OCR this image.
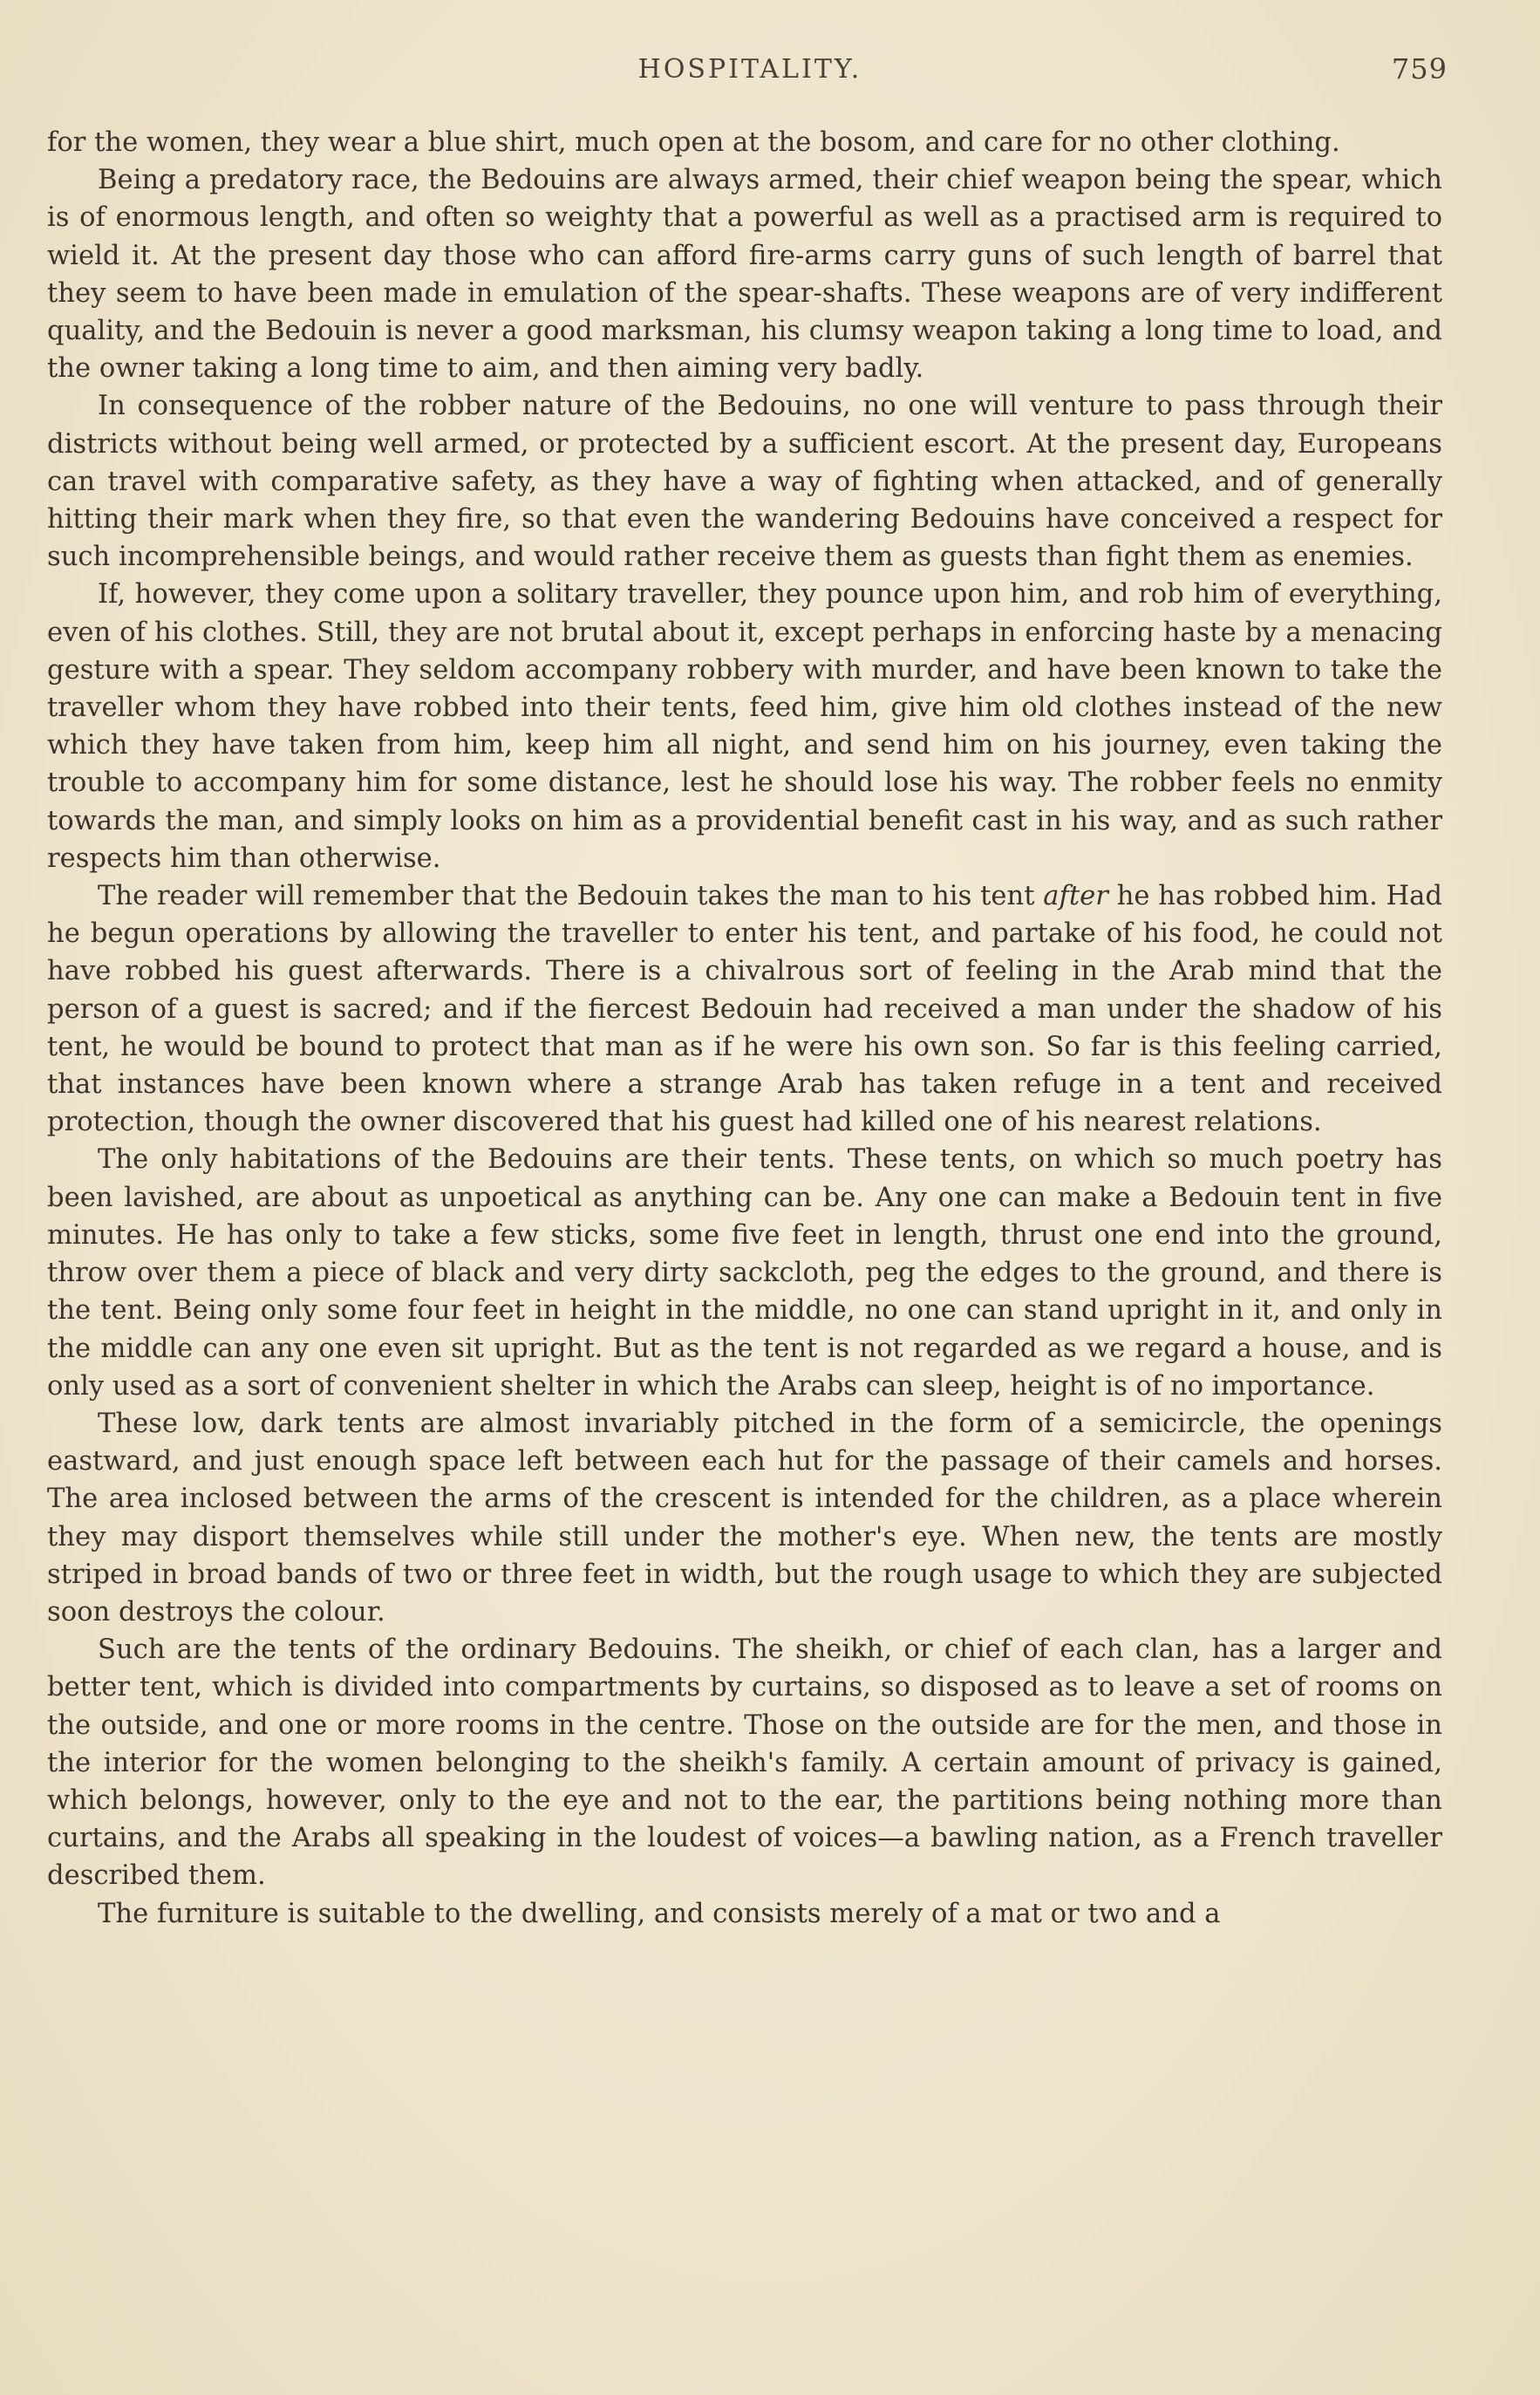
HOSPITALITY.	759

for the women, they wear a blue shirt, much open at the bosom, and care for no other clothing.

Being a predatory race, the Bedouins are always armed, their chief weapon being the spear, which is of enormous length, and often so weighty that a powerful as well as a practised arm is required to wield it. At the present day those who can afford fire-arms carry guns of such length of barrel that they seem to have been made in emulation of the spear-shafts. These weapons are of very indifferent quality, and the Bedouin is never a good marksman, his clumsy weapon taking a long time to load, and the owner taking a long time to aim, and then aiming very badly.

In consequence of the robber nature of the Bedouins, no one will venture to pass through their districts without being well armed, or protected by a sufficient escort. At the present day, Europeans can travel with comparative safety, as they have a way of fighting when attacked, and of generally hitting their mark when they fire, so that even the wandering Bedouins have conceived a respect for such incomprehensible beings, and would rather receive them as guests than fight them as enemies.

If, however, they come upon a solitary traveller, they pounce upon him, and rob him of everything, even of his clothes. Still, they are not brutal about it, except perhaps in enforcing haste by a menacing gesture with a spear. They seldom accompany robbery with murder, and have been known to take the traveller whom they have robbed into their tents, feed him, give him old clothes instead of the new which they have taken from him, keep him all night, and send him on his journey, even taking the trouble to accompany him for some distance, lest he should lose his way. The robber feels no enmity towards the man, and simply looks on him as a providential benefit cast in his way, and as such rather respects him than otherwise.

The reader will remember that the Bedouin takes the man to his tent after he has robbed him. Had he begun operations by allowing the traveller to enter his tent, and partake of his food, he could not have robbed his guest afterwards. There is a chivalrous sort of feeling in the Arab mind that the person of a guest is sacred; and if the fiercest Bedouin had received a man under the shadow of his tent, he would be bound to protect that man as if he were his own son. So far is this feeling carried, that instances have been known where a strange Arab has taken refuge in a tent and received protection, though the owner discovered that his guest had killed one of his nearest relations.

The only habitations of the Bedouins are their tents. These tents, on which so much poetry has been lavished, are about as unpoetical as anything can be. Any one can make a Bedouin tent in five minutes. He has only to take a few sticks, some five feet in length, thrust one end into the ground, throw over them a piece of black and very dirty sackcloth, peg the edges to the ground, and there is the tent. Being only some four feet in height in the middle, no one can stand upright in it, and only in the middle can any one even sit upright. But as the tent is not regarded as we regard a house, and is only used as a sort of convenient shelter in which the Arabs can sleep, height is of no importance.

These low, dark tents are almost invariably pitched in the form of a semicircle, the openings eastward, and just enough space left between each hut for the passage of their camels and horses. The area inclosed between the arms of the crescent is intended for the children, as a place wherein they may disport themselves while still under the mother's eye. When new, the tents are mostly striped in broad bands of two or three feet in width, but the rough usage to which they are subjected soon destroys the colour.

Such are the tents of the ordinary Bedouins. The sheikh, or chief of each clan, has a larger and better tent, which is divided into compartments by curtains, so disposed as to leave a set of rooms on the outside, and one or more rooms in the centre. Those on the outside are for the men, and those in the interior for the women belonging to the sheikh's family. A certain amount of privacy is gained, which belongs, however, only to the eye and not to the ear, the partitions being nothing more than curtains, and the Arabs all speaking in the loudest of voices—a bawling nation, as a French traveller described them.

The furniture is suitable to the dwelling, and consists merely of a mat or two and a
